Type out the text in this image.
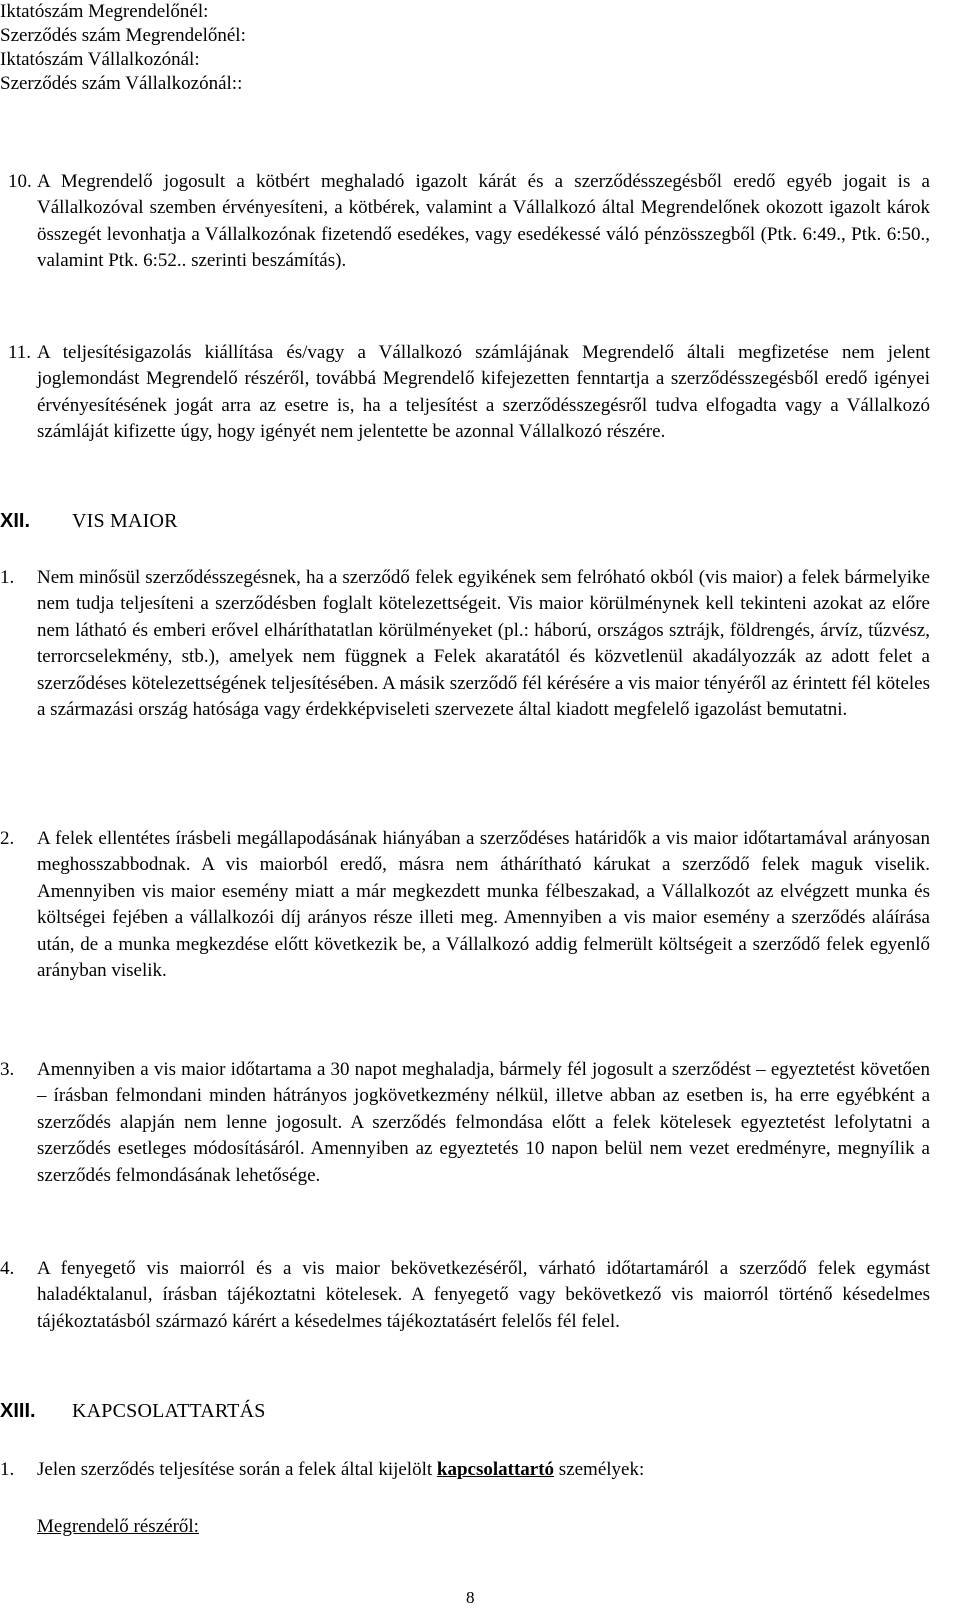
Iktatószám Megrendelőnél:
Szerződés szám Megrendelőnél:
Iktatószám Vállalkozónál:
Szerződés szám Vállalkozónál::
10. A Megrendelő jogosult a kötbért meghaladó igazolt kárát és a szerződésszegésből eredő egyéb jogait is a Vállalkozóval szemben érvényesíteni, a kötbérek, valamint a Vállalkozó által Megrendelőnek okozott igazolt károk összegét levonhatja a Vállalkozónak fizetendő esedékes, vagy esedékessé váló pénzösszegből (Ptk. 6:49., Ptk. 6:50., valamint Ptk. 6:52.. szerinti beszámítás).
11. A teljesítésigazolás kiállítása és/vagy a Vállalkozó számlájának Megrendelő általi megfizetése nem jelent joglemondást Megrendelő részéről, továbbá Megrendelő kifejezetten fenntartja a szerződésszegésből eredő igényei érvényesítésének jogát arra az esetre is, ha a teljesítést a szerződésszegésről tudva elfogadta vagy a Vállalkozó számláját kifizette úgy, hogy igényét nem jelentette be azonnal Vállalkozó részére.
XII. VIS MAIOR
1. Nem minősül szerződésszegésnek, ha a szerződő felek egyikének sem felróható okból (vis maior) a felek bármelyike nem tudja teljesíteni a szerződésben foglalt kötelezettségeit. Vis maior körülménynek kell tekinteni azokat az előre nem látható és emberi erővel elháríthatatlan körülményeket (pl.: háború, országos sztrájk, földrengés, árvíz, tűzvész, terrorcselekmény, stb.), amelyek nem függnek a Felek akaratától és közvetlenül akadályozzák az adott felet a szerződéses kötelezettségének teljesítésében. A másik szerződő fél kérésére a vis maior tényéről az érintett fél köteles a származási ország hatósága vagy érdekképviseleti szervezete által kiadott megfelelő igazolást bemutatni.
2. A felek ellentétes írásbeli megállapodásának hiányában a szerződéses határidők a vis maior időtartamával arányosan meghosszabbodnak. A vis maiorból eredő, másra nem áthárítható kárukat a szerződő felek maguk viselik. Amennyiben vis maior esemény miatt a már megkezdett munka félbeszakad, a Vállalkozót az elvégzett munka és költségei fejében a vállalkozói díj arányos része illeti meg. Amennyiben a vis maior esemény a szerződés aláírása után, de a munka megkezdése előtt következik be, a Vállalkozó addig felmerült költségeit a szerződő felek egyenlő arányban viselik.
3. Amennyiben a vis maior időtartama a 30 napot meghaladja, bármely fél jogosult a szerződést – egyeztetést követően – írásban felmondani minden hátrányos jogkövetkezmény nélkül, illetve abban az esetben is, ha erre egyébként a szerződés alapján nem lenne jogosult. A szerződés felmondása előtt a felek kötelesek egyeztetést lefolytatni a szerződés esetleges módosításáról. Amennyiben az egyeztetés 10 napon belül nem vezet eredményre, megnyílik a szerződés felmondásának lehetősége.
4. A fenyegető vis maiorról és a vis maior bekövetkezéséről, várható időtartamáról a szerződő felek egymást haladéktalanul, írásban tájékoztatni kötelesek. A fenyegető vagy bekövetkező vis maiorról történő késedelmes tájékoztatásból származó kárért a késedelmes tájékoztatásért felelős fél felel.
XIII. KAPCSOLATTARTÁS
1. Jelen szerződés teljesítése során a felek által kijelölt kapcsolattartó személyek:
Megrendelő részéről:
8
